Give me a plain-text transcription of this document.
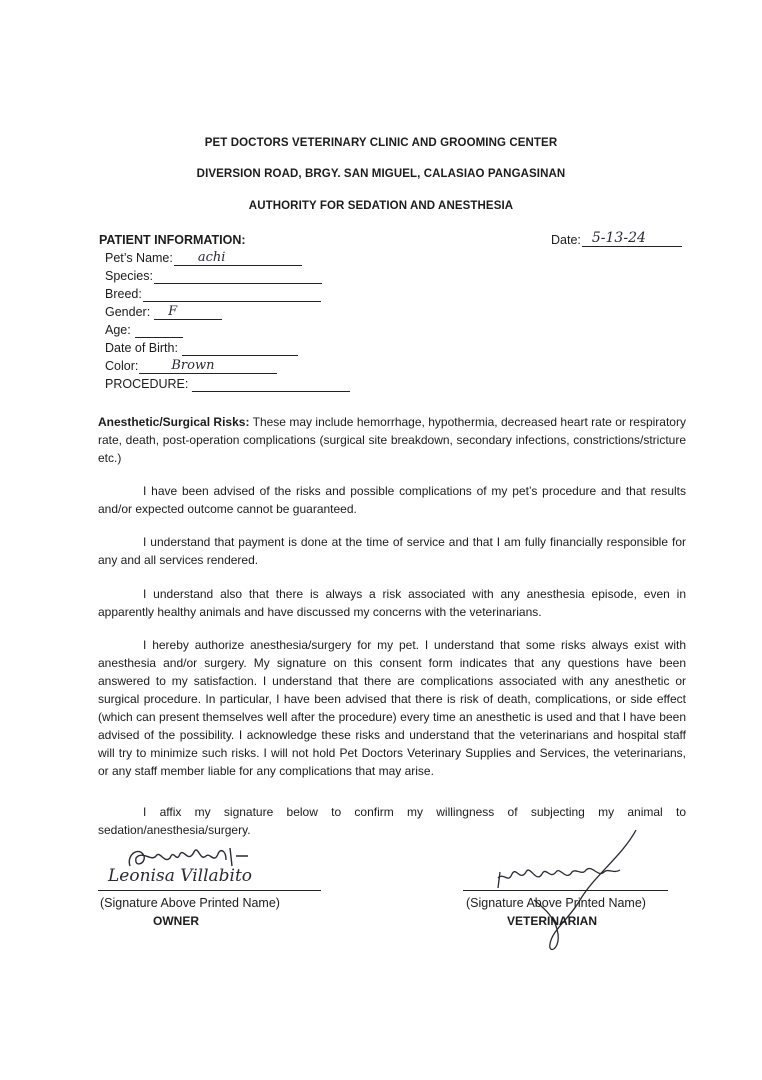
PET DOCTORS VETERINARY CLINIC AND GROOMING CENTER
DIVERSION ROAD, BRGY. SAN MIGUEL, CALASIAO PANGASINAN
AUTHORITY FOR SEDATION AND ANESTHESIA
PATIENT INFORMATION:	Date: 5-13-24
Pet’s Name: achi
Species:
Breed:
Gender: F
Age:
Date of Birth:
Color:	Brown
PROCEDURE:

Anesthetic/Surgical Risks: These may include hemorrhage, hypothermia, decreased heart rate or respiratory rate, death, post-operation complications (surgical site breakdown, secondary infections, constrictions/stricture etc.)

I have been advised of the risks and possible complications of my pet’s procedure and that results and/or expected outcome cannot be guaranteed.

I understand that payment is done at the time of service and that I am fully financially responsible for any and all services rendered.

I understand also that there is always a risk associated with any anesthesia episode, even in apparently healthy animals and have discussed my concerns with the veterinarians.

I hereby authorize anesthesia/surgery for my pet. I understand that some risks always exist with anesthesia and/or surgery. My signature on this consent form indicates that any questions have been answered to my satisfaction. I understand that there are complications associated with any anesthetic or surgical procedure. In particular, I have been advised that there is risk of death, complications, or side effect (which can present themselves well after the procedure) every time an anesthetic is used and that I have been advised of the possibility. I acknowledge these risks and understand that the veterinarians and hospital staff will try to minimize such risks. I will not hold Pet Doctors Veterinary Supplies and Services, the veterinarians, or any staff member liable for any complications that may arise.

I affix my signature below to confirm my willingness of subjecting my animal to sedation/anesthesia/surgery.

Leonisa Villabito
(Signature Above Printed Name)
OWNER
(Signature Above Printed Name)
VETERINARIAN
